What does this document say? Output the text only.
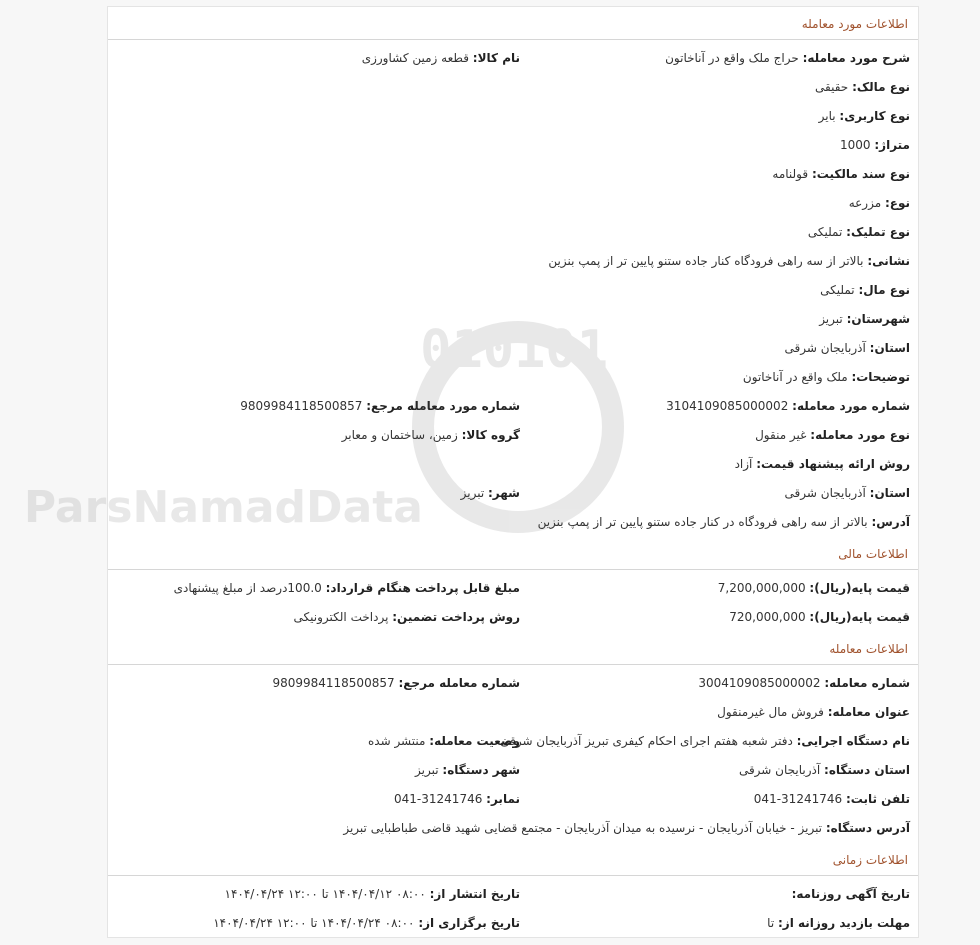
010101
ParsNamadData
اطلاعات مورد معامله
شرح مورد معامله: حراج ملک واقع در آناخاتون
نام کالا: قطعه زمین کشاورزی
نوع مالک: حقیقی
نوع کاربری: بایر
متراژ: 1000
نوع سند مالکیت: قولنامه
نوع: مزرعه
نوع تملیک: تملیکی
نشانی: بالاتر از سه راهی فرودگاه کنار جاده ستنو پایین تر از پمپ بنزین
نوع مال: تملیکی
شهرستان: تبریز
استان: آذربایجان شرقی
توضیحات: ملک واقع در آناخاتون
شماره مورد معامله: 3104109085000002
شماره مورد معامله مرجع: 9809984118500857
نوع مورد معامله: غیر منقول
گروه کالا: زمین، ساختمان و معابر
روش ارائه پیشنهاد قیمت: آزاد
استان: آذربایجان شرقی
شهر: تبریز
آدرس: بالاتر از سه راهی فرودگاه در کنار جاده ستنو پایین تر از پمپ بنزین
اطلاعات مالی
قیمت پایه(ریال): 7,200,000,000
مبلغ قابل پرداخت هنگام قرارداد: 100.0درصد از مبلغ پیشنهادی
قیمت پایه(ریال): 720,000,000
روش پرداخت تضمین: پرداخت الکترونیکی
اطلاعات معامله
شماره معامله: 3004109085000002
شماره معامله مرجع: 9809984118500857
عنوان معامله: فروش مال غیرمنقول
نام دستگاه اجرایی: دفتر شعبه هفتم اجرای احکام کیفری تبریز آذربایجان شرقی
وضعیت معامله: منتشر شده
استان دستگاه: آذربایجان شرقی
شهر دستگاه: تبریز
تلفن ثابت: 31241746-041
نمابر: 31241746-041
آدرس دستگاه: تبریز - خیابان آذربایجان - نرسیده به میدان آذربایجان - مجتمع قضایی شهید قاضی طباطبایی تبریز
اطلاعات زمانی
تاریخ آگهی روزنامه:
تاریخ انتشار از: ۰۸:۰۰ ۱۴۰۴/۰۴/۱۲ تا ۱۲:۰۰ ۱۴۰۴/۰۴/۲۴
مهلت بازدید روزانه از: تا
تاریخ برگزاری از: ۰۸:۰۰ ۱۴۰۴/۰۴/۲۴ تا ۱۲:۰۰ ۱۴۰۴/۰۴/۲۴
